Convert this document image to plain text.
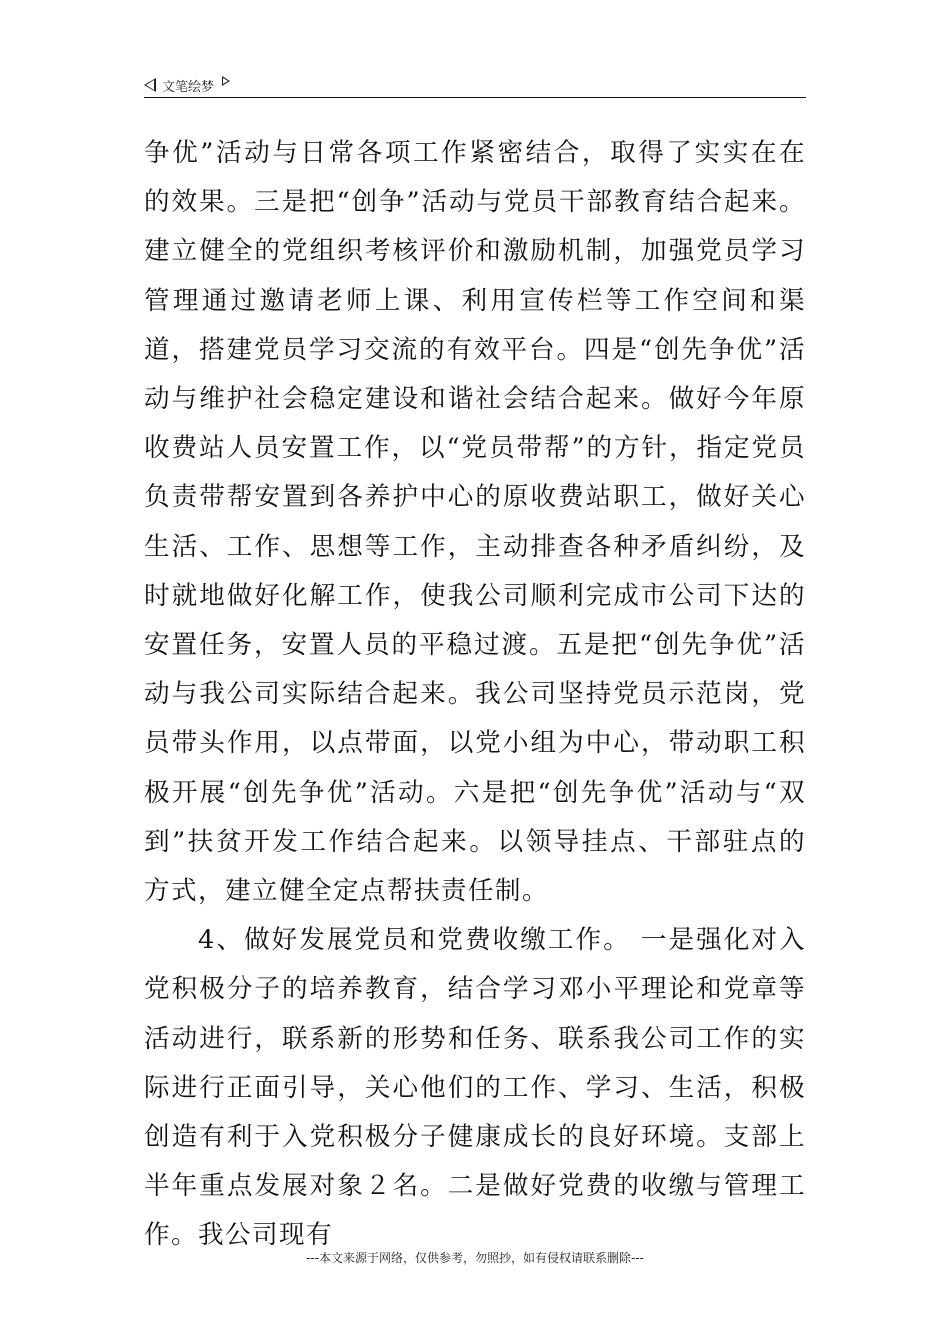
文笔绘梦

争优”活动与日常各项工作紧密结合，取得了实实在在的效果。三是把“创争”活动与党员干部教育结合起来。建立健全的党组织考核评价和激励机制，加强党员学习管理通过邀请老师上课、利用宣传栏等工作空间和渠道，搭建党员学习交流的有效平台。四是“创先争优”活动与维护社会稳定建设和谐社会结合起来。做好今年原收费站人员安置工作，以“党员带帮”的方针，指定党员负责带帮安置到各养护中心的原收费站职工，做好关心生活、工作、思想等工作，主动排查各种矛盾纠纷，及时就地做好化解工作，使我公司顺利完成市公司下达的安置任务，安置人员的平稳过渡。五是把“创先争优”活动与我公司实际结合起来。我公司坚持党员示范岗，党员带头作用，以点带面，以党小组为中心，带动职工积极开展“创先争优”活动。六是把“创先争优”活动与“双到”扶贫开发工作结合起来。以领导挂点、干部驻点的方式，建立健全定点帮扶责任制。

4、做好发展党员和党费收缴工作。 一是强化对入党积极分子的培养教育，结合学习邓小平理论和党章等活动进行，联系新的形势和任务、联系我公司工作的实际进行正面引导，关心他们的工作、学习、生活，积极创造有利于入党积极分子健康成长的良好环境。支部上半年重点发展对象２名。二是做好党费的收缴与管理工作。我公司现有

---本文来源于网络，仅供参考，勿照抄，如有侵权请联系删除---
